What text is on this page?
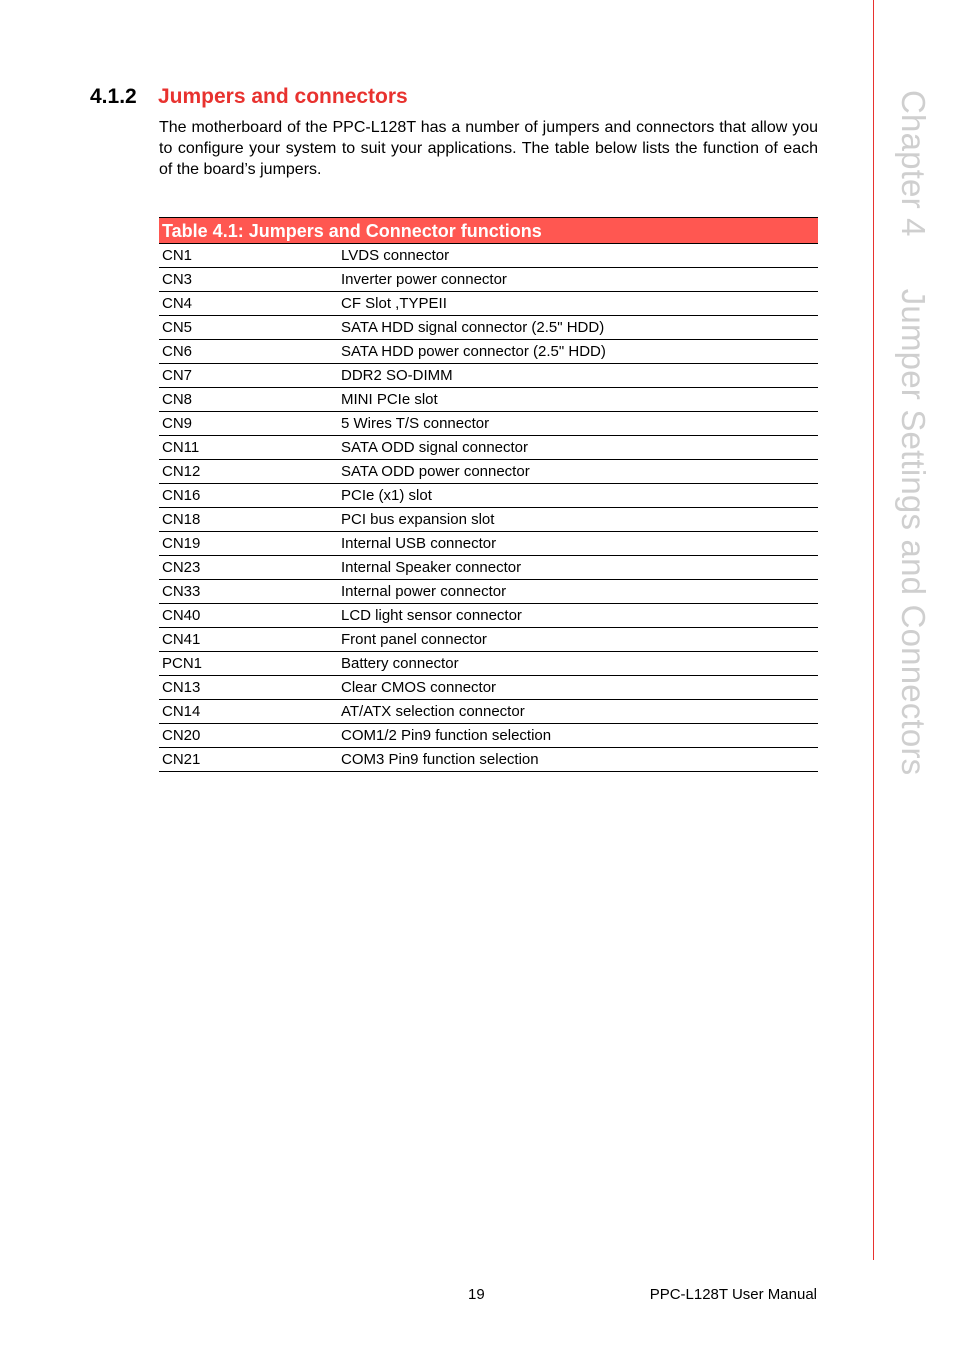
Chapter 4Jumper Settings and Connectors
4.1.2 Jumpers and connectors

The motherboard of the PPC-L128T has a number of jumpers and connectors that allow you to configure your system to suit your applications. The table below lists the function of each of the board’s jumpers.

Table 4.1: Jumpers and Connector functions
CN1	LVDS connector
CN3	Inverter power connector
CN4	CF Slot ,TYPEII
CN5	SATA HDD signal connector (2.5" HDD)
CN6	SATA HDD power connector (2.5" HDD)
CN7	DDR2 SO-DIMM
CN8	MINI PCIe slot
CN9	5 Wires T/S connector
CN11	SATA ODD signal connector
CN12	SATA ODD power connector
CN16	PCIe (x1) slot
CN18	PCI bus expansion slot
CN19	Internal USB connector
CN23	Internal Speaker connector
CN33	Internal power connector
CN40	LCD light sensor connector
CN41	Front panel connector
PCN1	Battery connector
CN13	Clear CMOS connector
CN14	AT/ATX selection connector
CN20	COM1/2 Pin9 function selection
CN21	COM3 Pin9 function selection
19	PPC-L128T User Manual
